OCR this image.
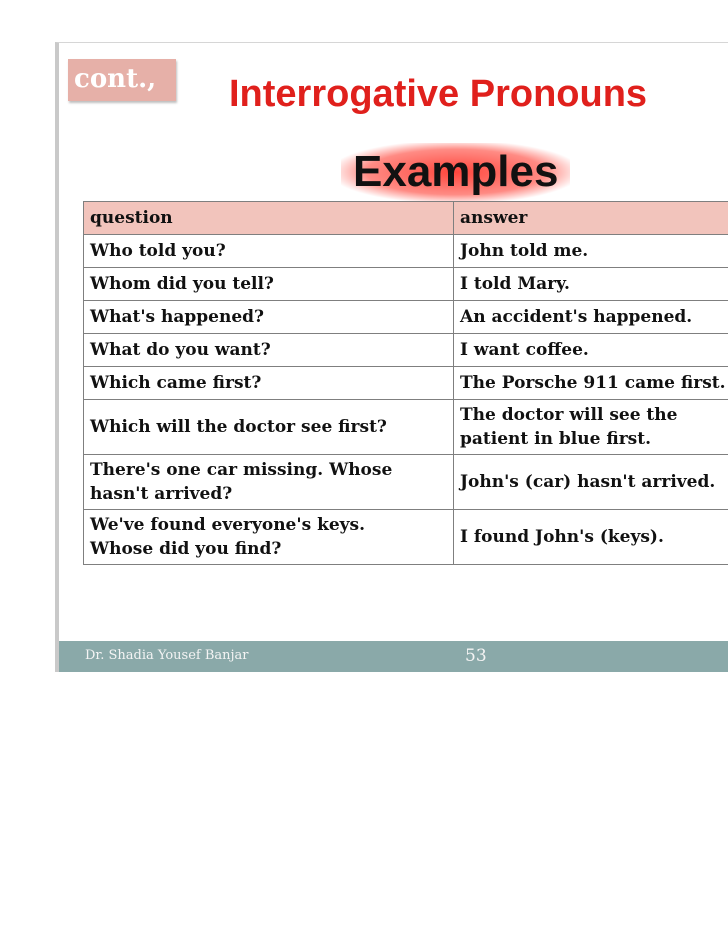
cont.,	Interrogative Pronouns
Examples
question	answer
Who told you?	John told me.
Whom did you tell?	I told Mary.
What's happened?	An accident's happened.
What do you want?	I want coffee.
Which came first?	The Porsche 911 came first.
Which will the doctor see first?	The doctor will see the patient in blue first.
There's one car missing. Whose hasn't arrived?	John's (car) hasn't arrived.
We've found everyone's keys. Whose did you find?	I found John's (keys).
Dr. Shadia Yousef Banjar	53
